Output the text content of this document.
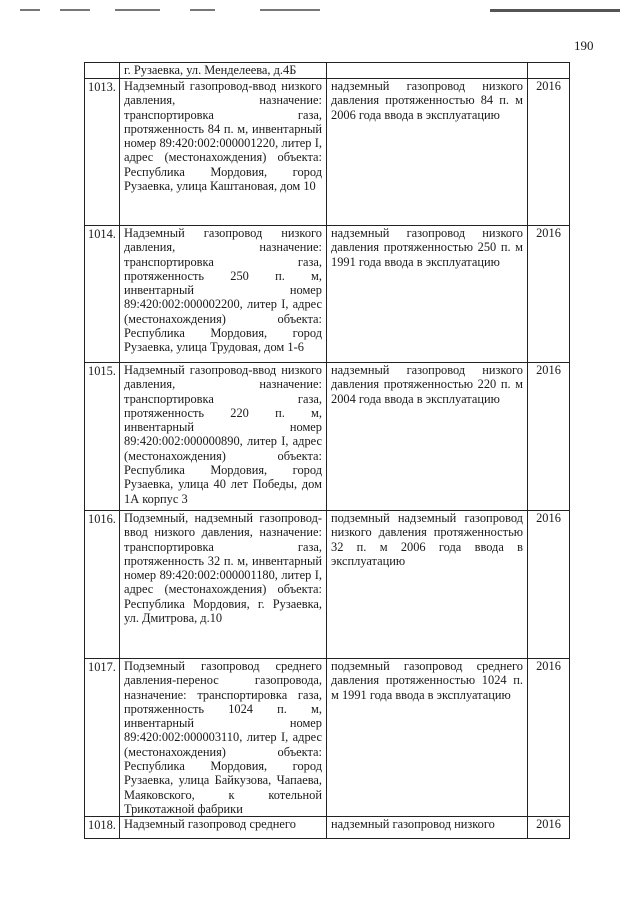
190
	г. Рузаевка, ул. Менделеева, д.4Б		
1013.	Надземный газопровод-ввод низкого давления, назначение: транспортировка газа, протяженность 84 п. м, инвентарный номер 89:420:002:000001220, литер I, адрес (местонахождения) объекта: Республика Мордовия, город Рузаевка, улица Каштановая, дом 10	надземный газопровод низкого давления протяженностью 84 п. м 2006 года ввода в эксплуатацию	2016
1014.	Надземный газопровод низкого давления, назначение: транспортировка газа, протяженность 250 п. м, инвентарный номер 89:420:002:000002200, литер I, адрес (местонахождения) объекта: Республика Мордовия, город Рузаевка, улица Трудовая, дом 1-6	надземный газопровод низкого давления протяженностью 250 п. м 1991 года ввода в эксплуатацию	2016
1015.	Надземный газопровод-ввод низкого давления, назначение: транспортировка газа, протяженность 220 п. м, инвентарный номер 89:420:002:000000890, литер I, адрес (местонахождения) объекта: Республика Мордовия, город Рузаевка, улица 40 лет Победы, дом 1А корпус 3	надземный газопровод низкого давления протяженностью 220 п. м 2004 года ввода в эксплуатацию	2016
1016.	Подземный, надземный газопровод-ввод низкого давления, назначение: транспортировка газа, протяженность 32 п. м, инвентарный номер 89:420:002:000001180, литер I, адрес (местонахождения) объекта: Республика Мордовия, г. Рузаевка, ул. Дмитрова, д.10	подземный надземный газопровод низкого давления протяженностью 32 п. м 2006 года ввода в эксплуатацию	2016
1017.	Подземный газопровод среднего давления-перенос газопровода, назначение: транспортировка газа, протяженность 1024 п. м, инвентарный номер 89:420:002:000003110, литер I, адрес (местонахождения) объекта: Республика Мордовия, город Рузаевка, улица Байкузова, Чапаева, Маяковского, к котельной Трикотажной фабрики	подземный газопровод среднего давления протяженностью 1024 п. м 1991 года ввода в эксплуатацию	2016
1018.	Надземный газопровод среднего	надземный газопровод низкого	2016
